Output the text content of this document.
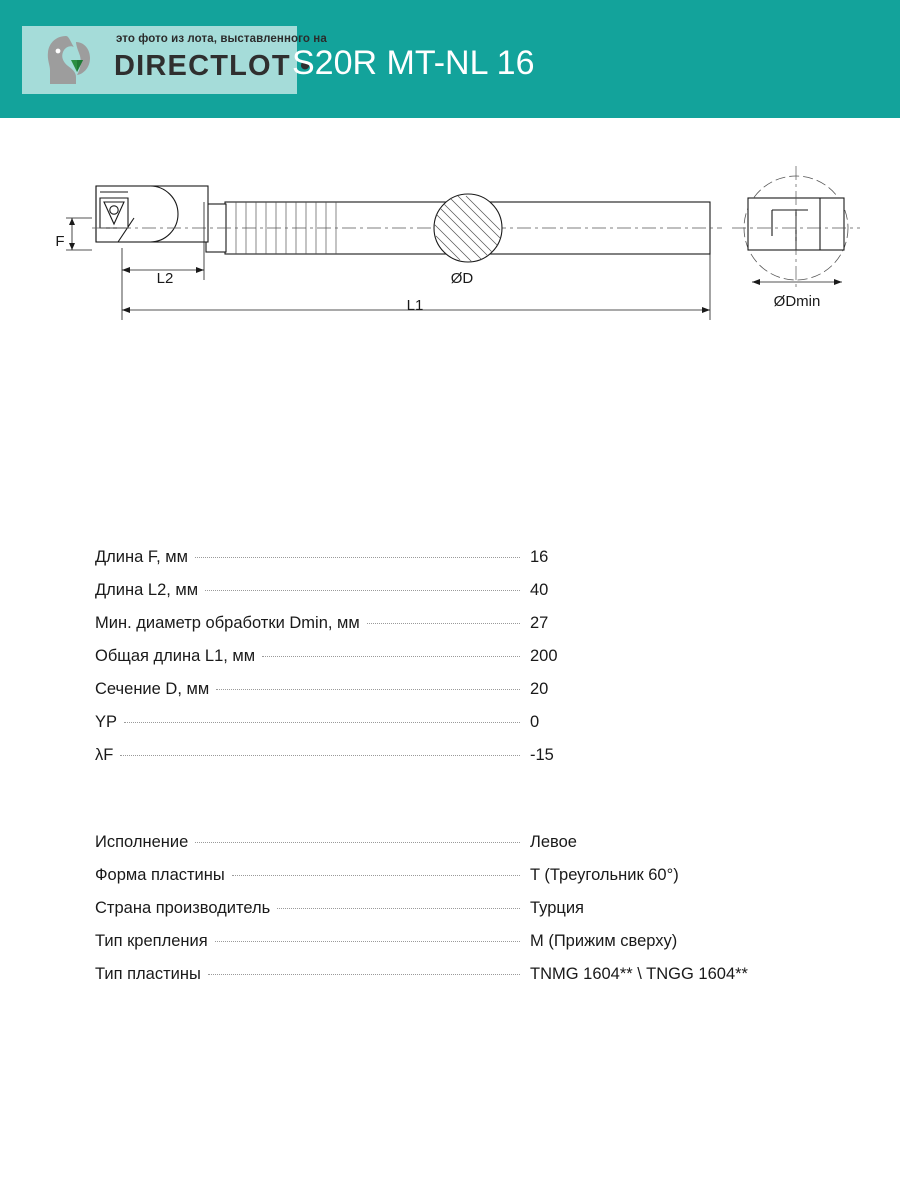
это фото из лота, выставленного на
DIRECTLOT •
S20R MT-NL 16
F
L2
L1
ØD
ØDmin
Длина F, мм	16
Длина L2, мм	40
Мин. диаметр обработки Dmin, мм	27
Общая длина L1, мм	200
Сечение D, мм	20
YP	0
λF	-15
Исполнение	Левое
Форма пластины	T (Треугольник 60°)
Страна производитель	Турция
Тип крепления	M (Прижим сверху)
Тип пластины	TNMG 1604** \ TNGG 1604**
